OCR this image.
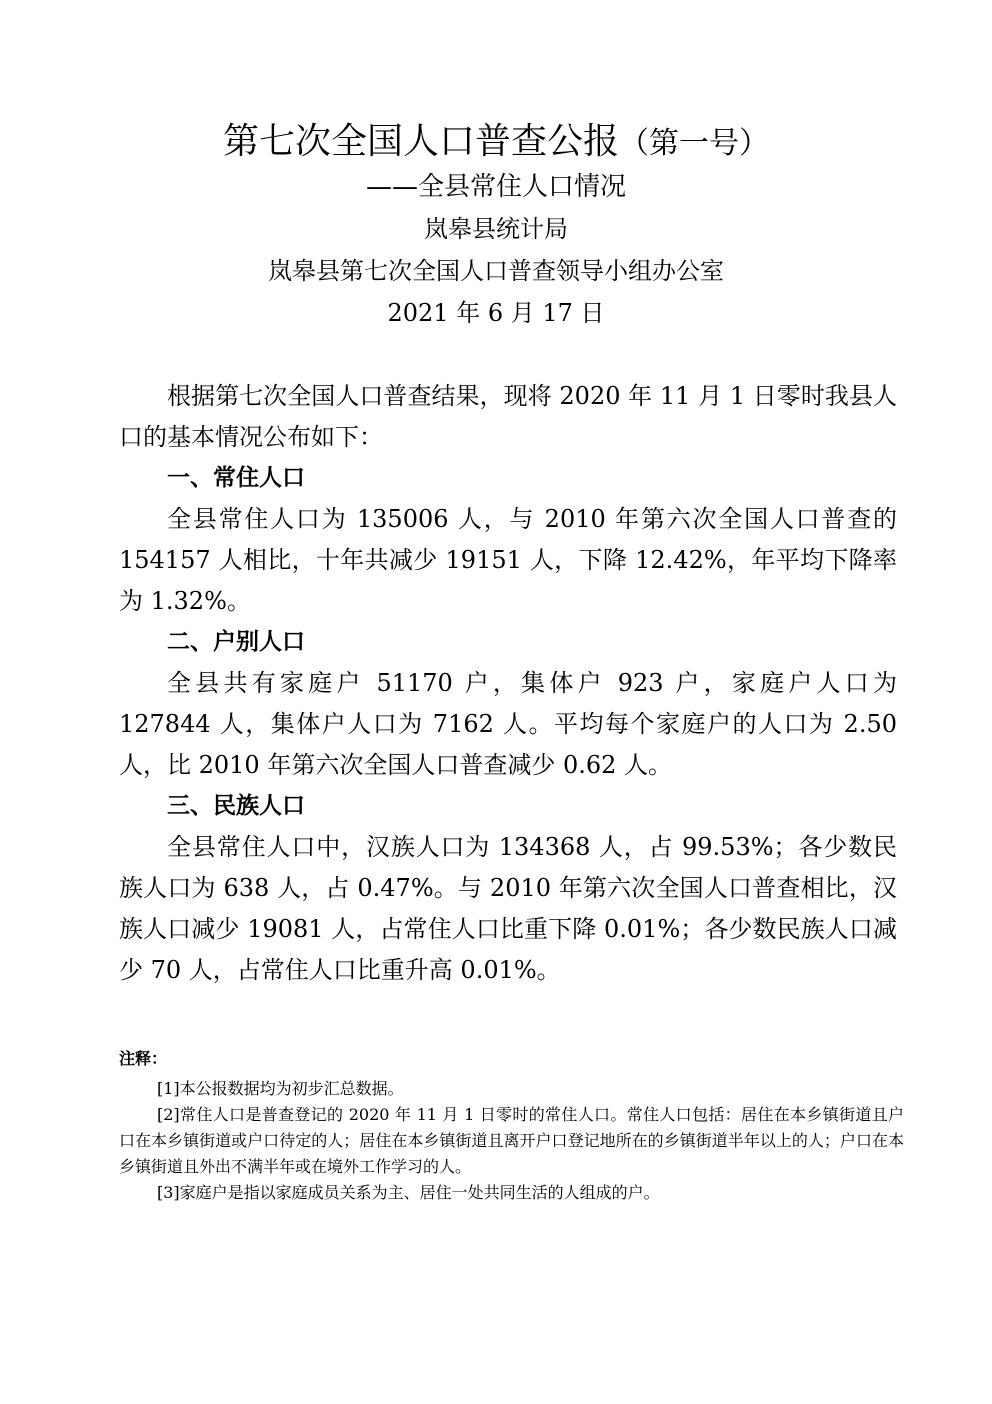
第七次全国人口普查公报（第一号）
——全县常住人口情况
岚皋县统计局
岚皋县第七次全国人口普查领导小组办公室
2021 年 6 月 17 日

根据第七次全国人口普查结果，现将 2020 年 11 月 1 日零时我县人口的基本情况公布如下：

一、常住人口

全县常住人口为 135006 人，与 2010 年第六次全国人口普查的 154157 人相比，十年共减少 19151 人，下降 12.42%，年平均下降率为 1.32%。

二、户别人口

全县共有家庭户 51170 户，集体户 923 户，家庭户人口为 127844 人，集体户人口为 7162 人。平均每个家庭户的人口为 2.50 人，比 2010 年第六次全国人口普查减少 0.62 人。

三、民族人口

全县常住人口中，汉族人口为 134368 人，占 99.53%；各少数民族人口为 638 人，占 0.47%。与 2010 年第六次全国人口普查相比，汉族人口减少 19081 人，占常住人口比重下降 0.01%；各少数民族人口减少 70 人，占常住人口比重升高 0.01%。

注释：

[1]本公报数据均为初步汇总数据。

[2]常住人口是普查登记的 2020 年 11 月 1 日零时的常住人口。常住人口包括：居住在本乡镇街道且户口在本乡镇街道或户口待定的人；居住在本乡镇街道且离开户口登记地所在的乡镇街道半年以上的人；户口在本乡镇街道且外出不满半年或在境外工作学习的人。

[3]家庭户是指以家庭成员关系为主、居住一处共同生活的人组成的户。
